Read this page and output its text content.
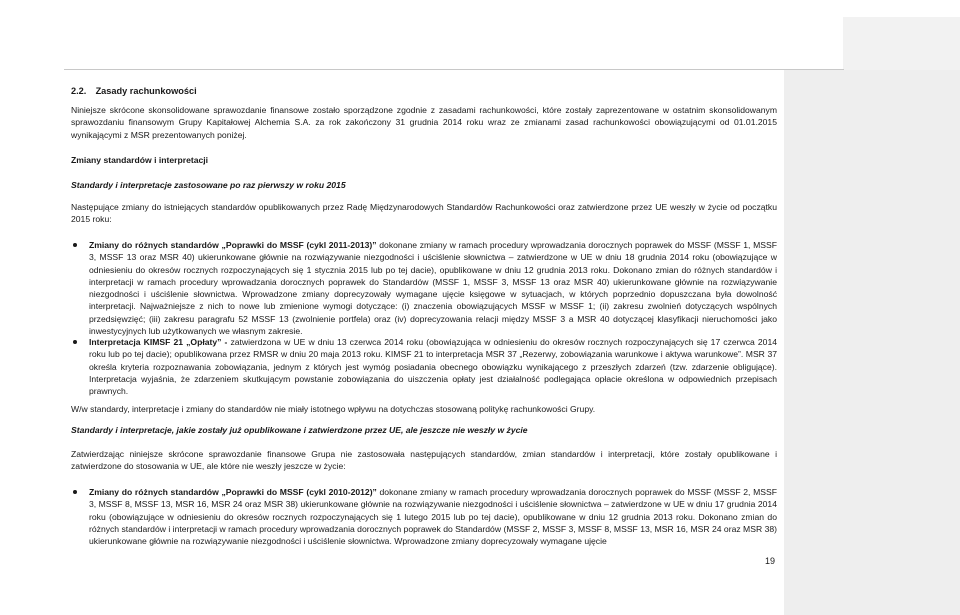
2.2. Zasady rachunkowości

Niniejsze skrócone skonsolidowane sprawozdanie finansowe zostało sporządzone zgodnie z zasadami rachunkowości, które zostały zaprezentowane w ostatnim skonsolidowanym sprawozdaniu finansowym Grupy Kapitałowej Alchemia S.A. za rok zakończony 31 grudnia 2014 roku wraz ze zmianami zasad rachunkowości obowiązującymi od 01.01.2015 wynikającymi z MSR prezentowanych poniżej.

Zmiany standardów i interpretacji
Standardy i interpretacje zastosowane po raz pierwszy w roku 2015

Następujące zmiany do istniejących standardów opublikowanych przez Radę Międzynarodowych Standardów Rachunkowości oraz zatwierdzone przez UE weszły w życie od początku 2015 roku:

Zmiany do różnych standardów „Poprawki do MSSF (cykl 2011-2013)” dokonane zmiany w ramach procedury wprowadzania dorocznych poprawek do MSSF (MSSF 1, MSSF 3, MSSF 13 oraz MSR 40) ukierunkowane głównie na rozwiązywanie niezgodności i uściślenie słownictwa – zatwierdzone w UE w dniu 18 grudnia 2014 roku (obowiązujące w odniesieniu do okresów rocznych rozpoczynających się 1 stycznia 2015 lub po tej dacie), opublikowane w dniu 12 grudnia 2013 roku. Dokonano zmian do różnych standardów i interpretacji w ramach procedury wprowadzania dorocznych poprawek do Standardów (MSSF 1, MSSF 3, MSSF 13 oraz MSR 40) ukierunkowane głównie na rozwiązywanie niezgodności i uściślenie słownictwa. Wprowadzone zmiany doprecyzowały wymagane ujęcie księgowe w sytuacjach, w których poprzednio dopuszczana była dowolność interpretacji. Najważniejsze z nich to nowe lub zmienione wymogi dotyczące: (i) znaczenia obowiązujących MSSF w MSSF 1; (ii) zakresu zwolnień dotyczących wspólnych przedsięwzięć; (iii) zakresu paragrafu 52 MSSF 13 (zwolnienie portfela) oraz (iv) doprecyzowania relacji między MSSF 3 a MSR 40 dotyczącej klasyfikacji nieruchomości jako inwestycyjnych lub użytkowanych we własnym zakresie.

Interpretacja KIMSF 21 „Opłaty” - zatwierdzona w UE w dniu 13 czerwca 2014 roku (obowiązująca w odniesieniu do okresów rocznych rozpoczynających się 17 czerwca 2014 roku lub po tej dacie); opublikowana przez RMSR w dniu 20 maja 2013 roku. KIMSF 21 to interpretacja MSR 37 „Rezerwy, zobowiązania warunkowe i aktywa warunkowe”. MSR 37 określa kryteria rozpoznawania zobowiązania, jednym z których jest wymóg posiadania obecnego obowiązku wynikającego z przeszłych zdarzeń (tzw. zdarzenie obligujące). Interpretacja wyjaśnia, że zdarzeniem skutkującym powstanie zobowiązania do uiszczenia opłaty jest działalność podlegająca opłacie określona w odpowiednich przepisach prawnych.

W/w standardy, interpretacje i zmiany do standardów nie miały istotnego wpływu na dotychczas stosowaną politykę rachunkowości Grupy.

Standardy i interpretacje, jakie zostały już opublikowane i zatwierdzone przez UE, ale jeszcze nie weszły w życie

Zatwierdzając niniejsze skrócone sprawozdanie finansowe Grupa nie zastosowała następujących standardów, zmian standardów i interpretacji, które zostały opublikowane i zatwierdzone do stosowania w UE, ale które nie weszły jeszcze w życie:

Zmiany do różnych standardów „Poprawki do MSSF (cykl 2010-2012)” dokonane zmiany w ramach procedury wprowadzania dorocznych poprawek do MSSF (MSSF 2, MSSF 3, MSSF 8, MSSF 13, MSR 16, MSR 24 oraz MSR 38) ukierunkowane głównie na rozwiązywanie niezgodności i uściślenie słownictwa – zatwierdzone w UE w dniu 17 grudnia 2014 roku (obowiązujące w odniesieniu do okresów rocznych rozpoczynających się 1 lutego 2015 lub po tej dacie), opublikowane w dniu 12 grudnia 2013 roku. Dokonano zmian do różnych standardów i interpretacji w ramach procedury wprowadzania dorocznych poprawek do Standardów (MSSF 2, MSSF 3, MSSF 8, MSSF 13, MSR 16, MSR 24 oraz MSR 38) ukierunkowane głównie na rozwiązywanie niezgodności i uściślenie słownictwa. Wprowadzone zmiany doprecyzowały wymagane ujęcie

19
